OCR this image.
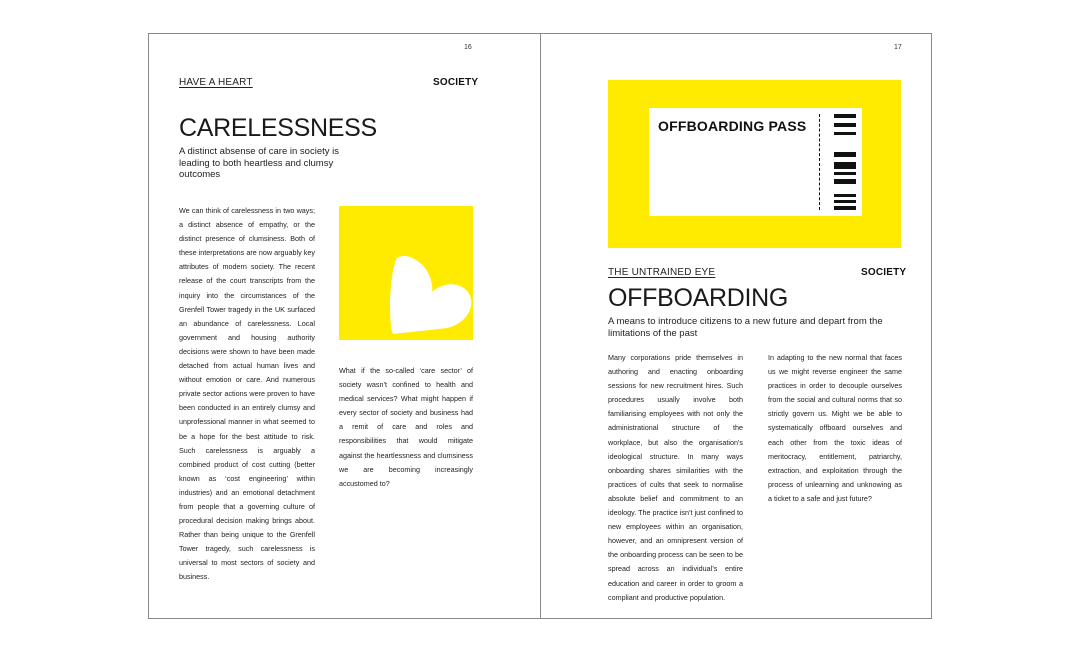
16
HAVE A HEART	SOCIETY
CARELESSNESS
A distinct absense of care in society is leading to both heartless and clumsy outcomes
We can think of carelessness in two ways; a distinct absence of empathy, or the distinct presence of clumsiness. Both of these interpretations are now arguably key attributes of modern society. The recent release of the court transcripts from the inquiry into the circumstances of the Grenfell Tower tragedy in the UK surfaced an abundance of carelessness. Local government and housing authority decisions were shown to have been made detached from actual human lives and without emotion or care. And numerous private sector actions were proven to have been conducted in an entirely clumsy and unprofessional manner in what seemed to be a hope for the best attitude to risk. Such carelessness is arguably a combined product of cost cutting (better known as ‘cost engineering’ within industries) and an emotional detachment from people that a governing culture of procedural decision making brings about. Rather than being unique to the Grenfell Tower tragedy, such carelessness is universal to most sectors of society and business.
What if the so-called ‘care sector’ of society wasn’t confined to health and medical services? What might happen if every sector of society and business had a remit of care and roles and responsibilities that would mitigate against the heartlessness and clumsiness we are becoming increasingly accustomed to?
17
OFFBOARDING PASS
THE UNTRAINED EYE	SOCIETY
OFFBOARDING
A means to introduce citizens to a new future and depart from the limitations of the past
Many corporations pride themselves in authoring and enacting onboarding sessions for new recruitment hires. Such procedures usually involve both familiarising employees with not only the administrational structure of the workplace, but also the organisation’s ideological structure. In many ways onboarding shares similarities with the practices of cults that seek to normalise absolute belief and commitment to an ideology. The practice isn’t just confined to new employees within an organisation, however, and an omnipresent version of the onboarding process can be seen to be spread across an individual’s entire education and career in order to groom a compliant and productive population.
In adapting to the new normal that faces us we might reverse engineer the same practices in order to decouple ourselves from the social and cultural norms that so strictly govern us. Might we be able to systematically offboard ourselves and each other from the toxic ideas of meritocracy, entitlement, patriarchy, extraction, and exploitation through the process of unlearning and unknowing as a ticket to a safe and just future?
